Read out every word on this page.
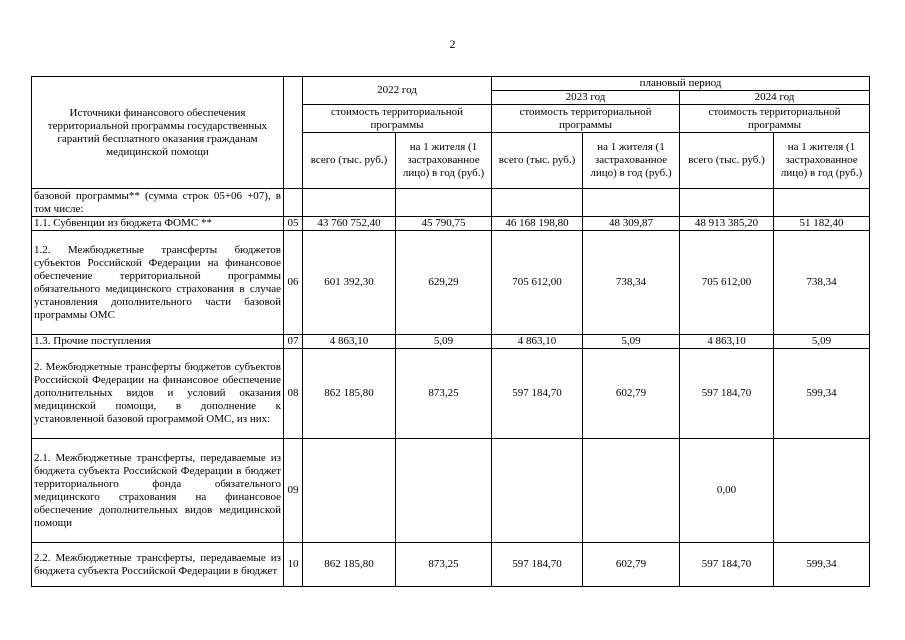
2
Источники финансового обеспечения территориальной программы государственных гарантий бесплатного оказания гражданам медицинской помощи		2022 год		плановый период			
				2023 год		2024 год	
		стоимость территориальной программы		стоимость территориальной программы		стоимость территориальной программы	
		всего (тыс. руб.)	на 1 жителя (1 застрахованное лицо) в год (руб.)	всего (тыс. руб.)	на 1 жителя (1 застрахованное лицо) в год (руб.)	всего (тыс. руб.)	на 1 жителя (1 застрахованное лицо) в год (руб.)

базовой программы** (сумма строк 05+06 +07), в том числе:							
1.1. Субвенции из бюджета ФОМС **	05	43 760 752,40	45 790,75	46 168 198,80	48 309,87	48 913 385,20	51 182,40
1.2. Межбюджетные трансферты бюджетов субъектов Российской Федерации на финансовое обеспечение территориальной программы обязательного медицинского страхования в случае установления дополнительного части базовой программы ОМС	06	601 392,30	629,29	705 612,00	738,34	705 612,00	738,34
1.3. Прочие поступления	07	4 863,10	5,09	4 863,10	5,09	4 863,10	5,09
2. Межбюджетные трансферты бюджетов субъектов Российской Федерации на финансовое обеспечение дополнительных видов и условий оказания медицинской помощи, в дополнение к установленной базовой программой ОМС, из них:	08	862 185,80	873,25	597 184,70	602,79	597 184,70	599,34
2.1. Межбюджетные трансферты, передаваемые из бюджета субъекта Российской Федерации в бюджет территориального фонда обязательного медицинского страхования на финансовое обеспечение дополнительных видов медицинской помощи	09					0,00	
2.2. Межбюджетные трансферты, передаваемые из бюджета субъекта Российской Федерации в бюджет	10	862 185,80	873,25	597 184,70	602,79	597 184,70	599,34
